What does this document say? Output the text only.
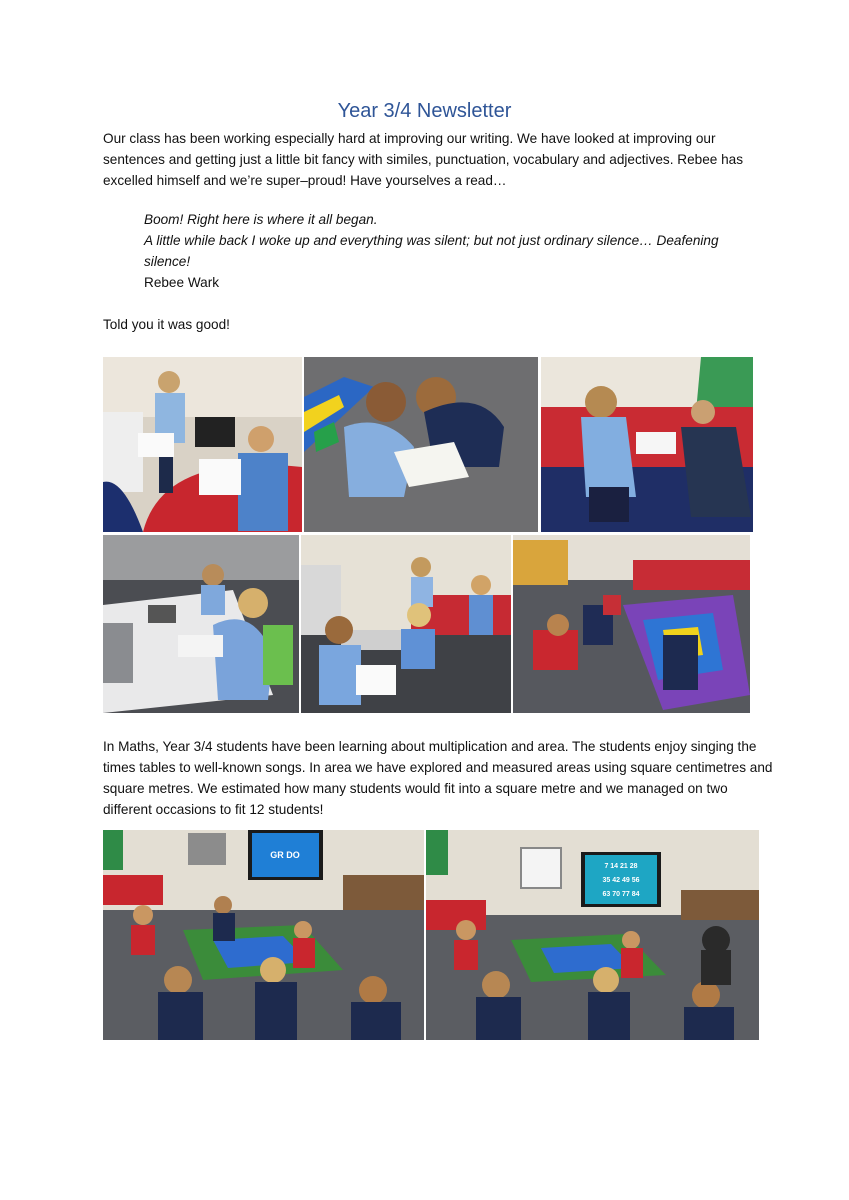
Year 3/4 Newsletter

Our class has been working especially hard at improving our writing. We have looked at improving our sentences and getting just a little bit fancy with similes, punctuation, vocabulary and adjectives. Rebee has excelled himself and we’re super–proud! Have yourselves a read…

Boom! Right here is where it all began.
A little while back I woke up and everything was silent; but not just ordinary silence… Deafening silence!
Rebee Wark

Told you it was good!

In Maths, Year 3/4 students have been learning about multiplication and area. The students enjoy singing the times tables to well-known songs. In area we have explored and measured areas using square centimetres and square metres. We estimated how many students would fit into a square metre and we managed on two different occasions to fit 12 students!

GR DO
7 14 21 28
35 42 49 56
63 70 77 84
